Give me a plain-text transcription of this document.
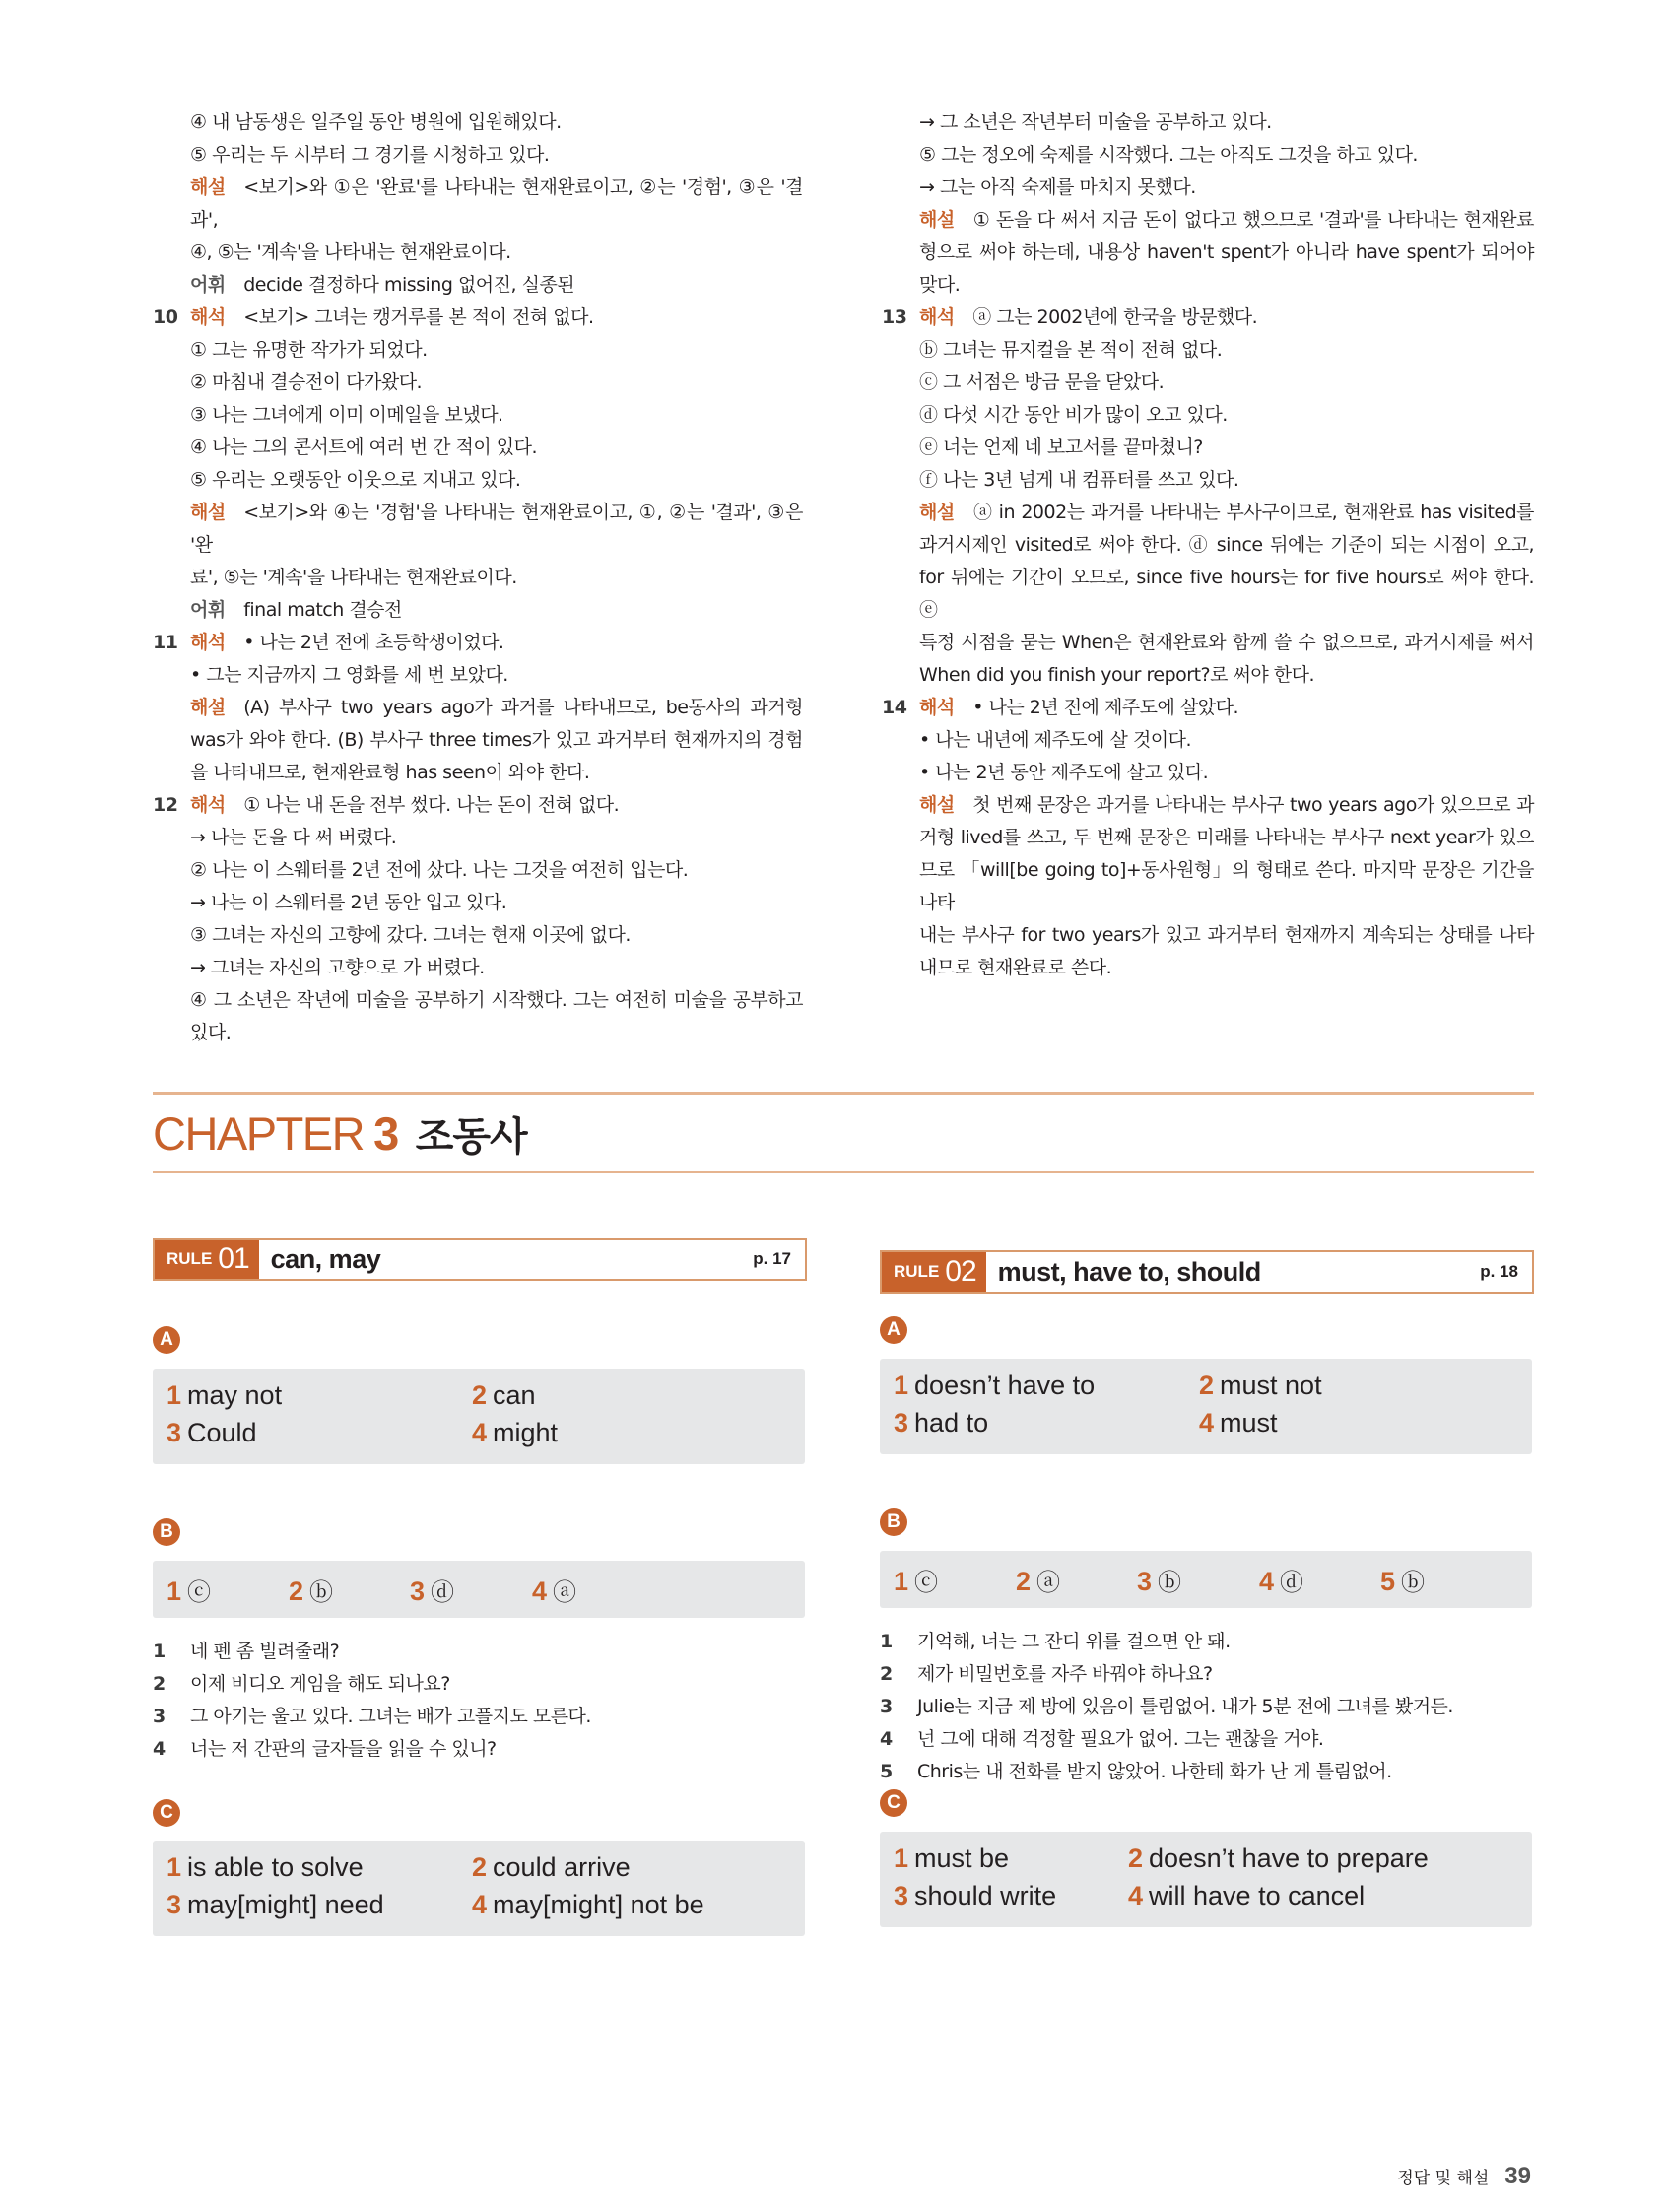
④ 내 남동생은 일주일 동안 병원에 입원해있다.
⑤ 우리는 두 시부터 그 경기를 시청하고 있다.
해설  <보기>와 ①은 '완료'를 나타내는 현재완료이고, ②는 '경험', ③은 '결과',
④, ⑤는 '계속'을 나타내는 현재완료이다.
어휘  decide 결정하다 missing 없어진, 실종된
10 해석  <보기> 그녀는 캥거루를 본 적이 전혀 없다.
① 그는 유명한 작가가 되었다.
② 마침내 결승전이 다가왔다.
③ 나는 그녀에게 이미 이메일을 보냈다.
④ 나는 그의 콘서트에 여러 번 간 적이 있다.
⑤ 우리는 오랫동안 이웃으로 지내고 있다.
해설  <보기>와 ④는 '경험'을 나타내는 현재완료이고, ①, ②는 '결과', ③은 '완
료', ⑤는 '계속'을 나타내는 현재완료이다.
어휘  final match 결승전
11 해석  • 나는 2년 전에 초등학생이었다.
• 그는 지금까지 그 영화를 세 번 보았다.
해설  (A) 부사구 two years ago가 과거를 나타내므로, be동사의 과거형
was가 와야 한다. (B) 부사구 three times가 있고 과거부터 현재까지의 경험
을 나타내므로, 현재완료형 has seen이 와야 한다.
12 해석  ① 나는 내 돈을 전부 썼다. 나는 돈이 전혀 없다.
→ 나는 돈을 다 써 버렸다.
② 나는 이 스웨터를 2년 전에 샀다. 나는 그것을 여전히 입는다.
→ 나는 이 스웨터를 2년 동안 입고 있다.
③ 그녀는 자신의 고향에 갔다. 그녀는 현재 이곳에 없다.
→ 그녀는 자신의 고향으로 가 버렸다.
④ 그 소년은 작년에 미술을 공부하기 시작했다. 그는 여전히 미술을 공부하고
있다.
→ 그 소년은 작년부터 미술을 공부하고 있다.
⑤ 그는 정오에 숙제를 시작했다. 그는 아직도 그것을 하고 있다.
→ 그는 아직 숙제를 마치지 못했다.
해설  ① 돈을 다 써서 지금 돈이 없다고 했으므로 '결과'를 나타내는 현재완료
형으로 써야 하는데, 내용상 haven't spent가 아니라 have spent가 되어야
맞다.
13 해석  ⓐ 그는 2002년에 한국을 방문했다.
ⓑ 그녀는 뮤지컬을 본 적이 전혀 없다.
ⓒ 그 서점은 방금 문을 닫았다.
ⓓ 다섯 시간 동안 비가 많이 오고 있다.
ⓔ 너는 언제 네 보고서를 끝마쳤니?
ⓕ 나는 3년 넘게 내 컴퓨터를 쓰고 있다.
해설  ⓐ in 2002는 과거를 나타내는 부사구이므로, 현재완료 has visited를
과거시제인 visited로 써야 한다. ⓓ since 뒤에는 기준이 되는 시점이 오고,
for 뒤에는 기간이 오므로, since five hours는 for five hours로 써야 한다. ⓔ
특정 시점을 묻는 When은 현재완료와 함께 쓸 수 없으므로, 과거시제를 써서
When did you finish your report?로 써야 한다.
14 해석  • 나는 2년 전에 제주도에 살았다.
• 나는 내년에 제주도에 살 것이다.
• 나는 2년 동안 제주도에 살고 있다.
해설  첫 번째 문장은 과거를 나타내는 부사구 two years ago가 있으므로 과
거형 lived를 쓰고, 두 번째 문장은 미래를 나타내는 부사구 next year가 있으
므로 「will[be going to]+동사원형」의 형태로 쓴다. 마지막 문장은 기간을 나타
내는 부사구 for two years가 있고 과거부터 현재까지 계속되는 상태를 나타
내므로 현재완료로 쓴다.
CHAPTER 3 조동사
RULE 01 can, may	p. 17
A
1 may not	2 can
3 Could	4 might
B
1 ⓒ	2 ⓑ	3 ⓓ	4 ⓐ
1	네 펜 좀 빌려줄래?
2	이제 비디오 게임을 해도 되나요?
3	그 아기는 울고 있다. 그녀는 배가 고플지도 모른다.
4	너는 저 간판의 글자들을 읽을 수 있니?
C
1 is able to solve	2 could arrive
3 may[might] need	4 may[might] not be
RULE 02 must, have to, should	p. 18
A
1 doesn’t have to	2 must not
3 had to	4 must
B
1 ⓒ	2 ⓐ	3 ⓑ	4 ⓓ	5 ⓑ
1	기억해, 너는 그 잔디 위를 걸으면 안 돼.
2	제가 비밀번호를 자주 바꿔야 하나요?
3	Julie는 지금 제 방에 있음이 틀림없어. 내가 5분 전에 그녀를 봤거든.
4	넌 그에 대해 걱정할 필요가 없어. 그는 괜찮을 거야.
5	Chris는 내 전화를 받지 않았어. 나한테 화가 난 게 틀림없어.
C
1 must be	2 doesn’t have to prepare
3 should write	4 will have to cancel
정답 및 해설 39
